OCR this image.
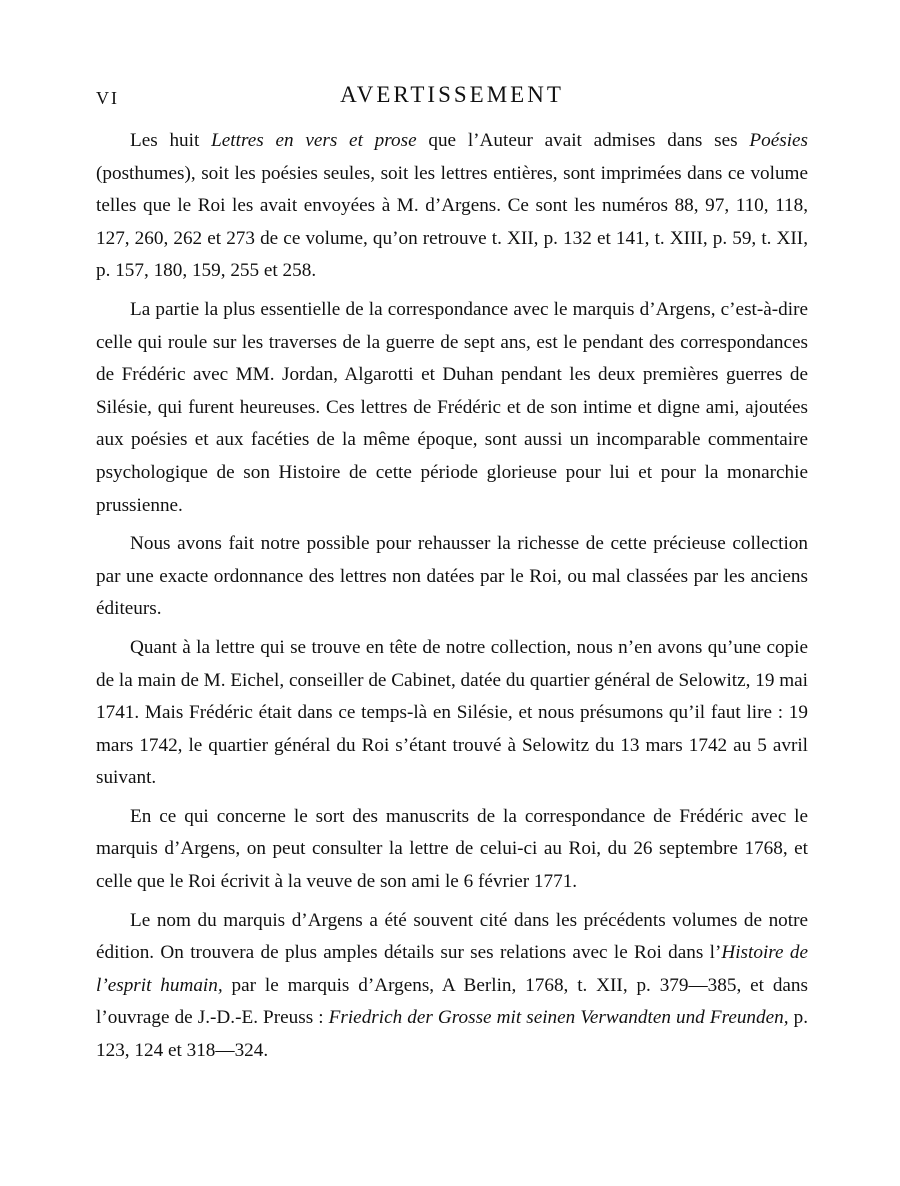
VI	AVERTISSEMENT

Les huit Lettres en vers et prose que l’Auteur avait admises dans ses Poésies (posthumes), soit les poésies seules, soit les lettres entières, sont imprimées dans ce volume telles que le Roi les avait envoyées à M. d’Argens. Ce sont les numéros 88, 97, 110, 118, 127, 260, 262 et 273 de ce volume, qu’on retrouve t. XII, p. 132 et 141, t. XIII, p. 59, t. XII, p. 157, 180, 159, 255 et 258.

La partie la plus essentielle de la correspondance avec le marquis d’Argens, c’est-à-dire celle qui roule sur les traverses de la guerre de sept ans, est le pendant des correspondances de Frédéric avec MM. Jordan, Algarotti et Duhan pendant les deux premières guerres de Silésie, qui furent heureuses. Ces lettres de Frédéric et de son intime et digne ami, ajoutées aux poésies et aux facéties de la même époque, sont aussi un incomparable commentaire psychologique de son Histoire de cette période glorieuse pour lui et pour la monarchie prussienne.

Nous avons fait notre possible pour rehausser la richesse de cette précieuse collection par une exacte ordonnance des lettres non datées par le Roi, ou mal classées par les anciens éditeurs.

Quant à la lettre qui se trouve en tête de notre collection, nous n’en avons qu’une copie de la main de M. Eichel, conseiller de Cabinet, datée du quartier général de Selowitz, 19 mai 1741. Mais Frédéric était dans ce temps-là en Silésie, et nous présumons qu’il faut lire : 19 mars 1742, le quartier général du Roi s’étant trouvé à Selowitz du 13 mars 1742 au 5 avril suivant.

En ce qui concerne le sort des manuscrits de la correspondance de Frédéric avec le marquis d’Argens, on peut consulter la lettre de celui-ci au Roi, du 26 septembre 1768, et celle que le Roi écrivit à la veuve de son ami le 6 février 1771.

Le nom du marquis d’Argens a été souvent cité dans les précédents volumes de notre édition. On trouvera de plus amples détails sur ses relations avec le Roi dans l’Histoire de l’esprit humain, par le marquis d’Argens, A Berlin, 1768, t. XII, p. 379—385, et dans l’ouvrage de J.-D.-E. Preuss : Friedrich der Grosse mit seinen Verwandten und Freunden, p. 123, 124 et 318—324.
